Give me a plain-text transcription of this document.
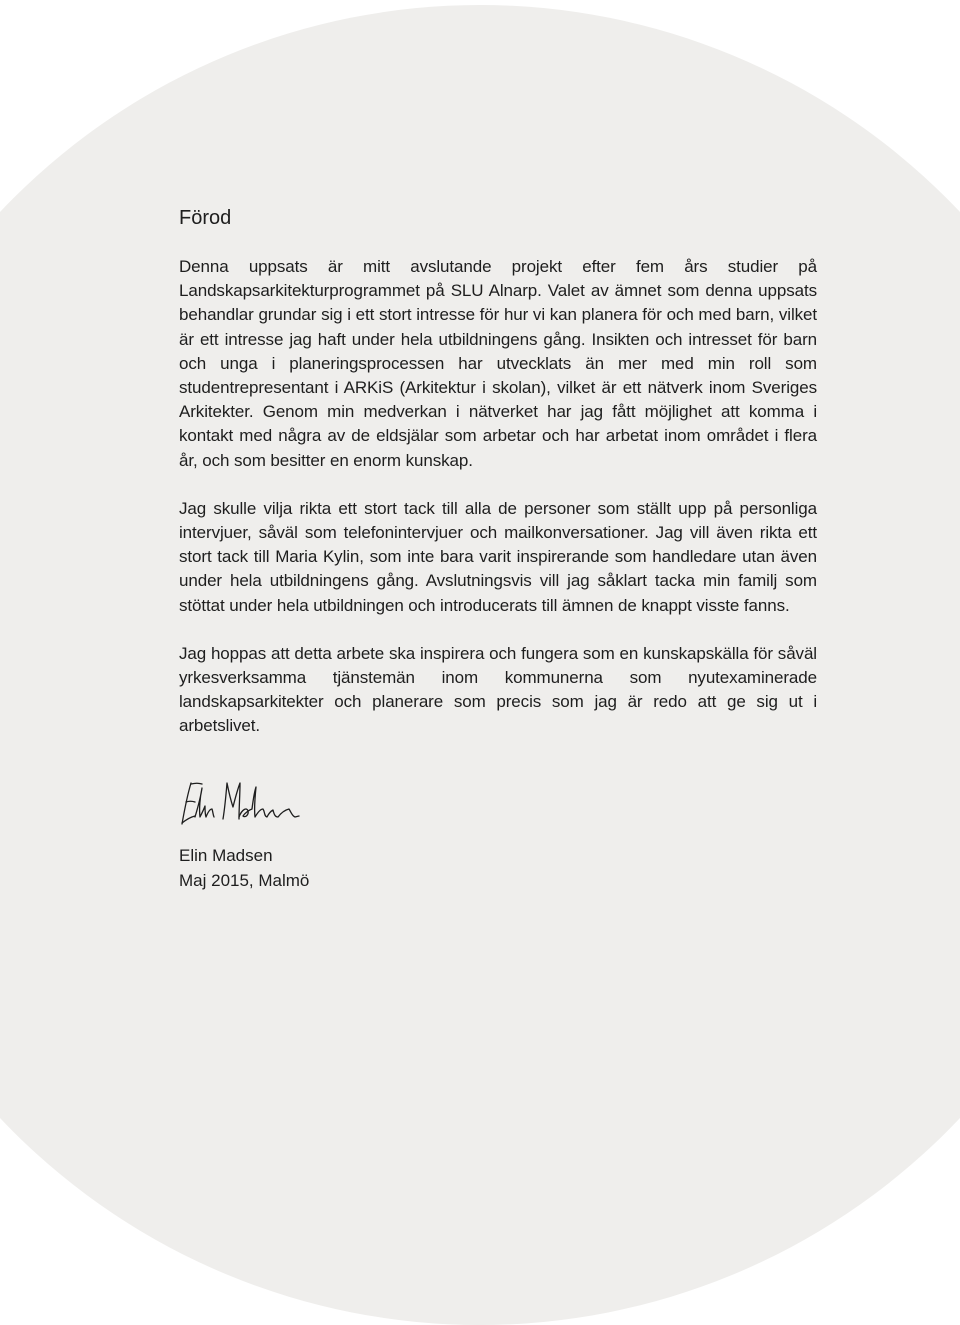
Förod

Denna uppsats är mitt avslutande projekt efter fem års studier på Landskapsarkitekturprogrammet på SLU Alnarp. Valet av ämnet som denna uppsats behandlar grundar sig i ett stort intresse för hur vi kan planera för och med barn, vilket är ett intresse jag haft under hela utbildningens gång. Insikten och intresset för barn och unga i planeringsprocessen har utvecklats än mer med min roll som studentrepresentant i ARKiS (Arkitektur i skolan), vilket är ett nätverk inom Sveriges Arkitekter. Genom min medverkan i nätverket har jag fått möjlighet att komma i kontakt med några av de eldsjälar som arbetar och har arbetat inom området i flera år, och som besitter en enorm kunskap.

Jag skulle vilja rikta ett stort tack till alla de personer som ställt upp på personliga intervjuer, såväl som telefonintervjuer och mailkonversationer. Jag vill även rikta ett stort tack till Maria Kylin, som inte bara varit inspirerande som handledare utan även under hela utbildningens gång. Avslutningsvis vill jag såklart tacka min familj som stöttat under hela utbildningen och introducerats till ämnen de knappt visste fanns.

Jag hoppas att detta arbete ska inspirera och fungera som en kunskapskälla för såväl yrkesverksamma tjänstemän inom kommunerna som nyutexaminerade landskapsarkitekter och planerare som precis som jag är redo att ge sig ut i arbetslivet.

Elin Madsen
Maj 2015, Malmö
